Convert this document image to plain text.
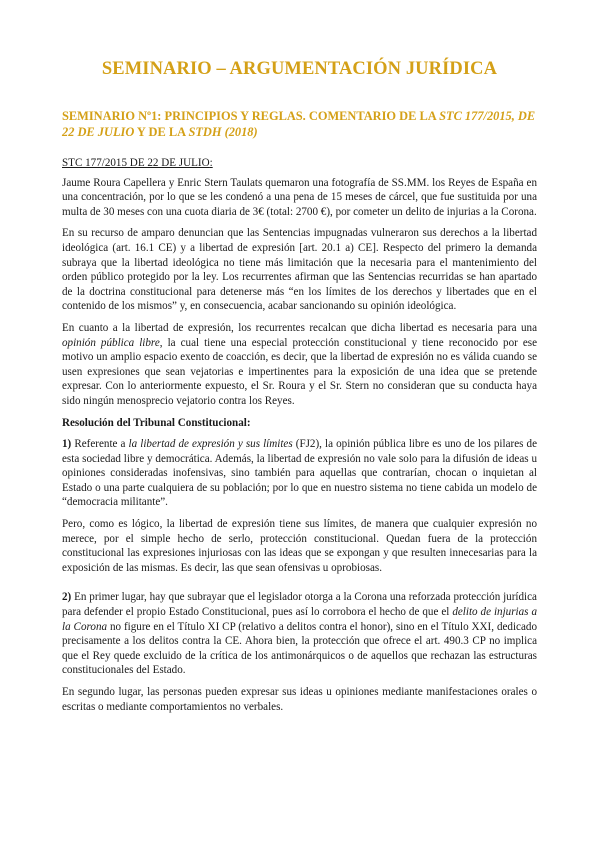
SEMINARIO – ARGUMENTACIÓN JURÍDICA
SEMINARIO Nº1: PRINCIPIOS Y REGLAS. COMENTARIO DE LA STC 177/2015, DE 22 DE JULIO Y DE LA STDH (2018)
STC 177/2015 DE 22 DE JULIO:

Jaume Roura Capellera y Enric Stern Taulats quemaron una fotografía de SS.MM. los Reyes de España en una concentración, por lo que se les condenó a una pena de 15 meses de cárcel, que fue sustituida por una multa de 30 meses con una cuota diaria de 3€ (total: 2700 €), por cometer un delito de injurias a la Corona.

En su recurso de amparo denuncian que las Sentencias impugnadas vulneraron sus derechos a la libertad ideológica (art. 16.1 CE) y a libertad de expresión [art. 20.1 a) CE]. Respecto del primero la demanda subraya que la libertad ideológica no tiene más limitación que la necesaria para el mantenimiento del orden público protegido por la ley. Los recurrentes afirman que las Sentencias recurridas se han apartado de la doctrina constitucional para detenerse más “en los límites de los derechos y libertades que en el contenido de los mismos” y, en consecuencia, acabar sancionando su opinión ideológica.

En cuanto a la libertad de expresión, los recurrentes recalcan que dicha libertad es necesaria para una opinión pública libre, la cual tiene una especial protección constitucional y tiene reconocido por ese motivo un amplio espacio exento de coacción, es decir, que la libertad de expresión no es válida cuando se usen expresiones que sean vejatorias e impertinentes para la exposición de una idea que se pretende expresar. Con lo anteriormente expuesto, el Sr. Roura y el Sr. Stern no consideran que su conducta haya sido ningún menosprecio vejatorio contra los Reyes.

Resolución del Tribunal Constitucional:

1) Referente a la libertad de expresión y sus límites (FJ2), la opinión pública libre es uno de los pilares de esta sociedad libre y democrática. Además, la libertad de expresión no vale solo para la difusión de ideas u opiniones consideradas inofensivas, sino también para aquellas que contrarían, chocan o inquietan al Estado o una parte cualquiera de su población; por lo que en nuestro sistema no tiene cabida un modelo de “democracia militante”.

Pero, como es lógico, la libertad de expresión tiene sus límites, de manera que cualquier expresión no merece, por el simple hecho de serlo, protección constitucional. Quedan fuera de la protección constitucional las expresiones injuriosas con las ideas que se expongan y que resulten innecesarias para la exposición de las mismas. Es decir, las que sean ofensivas u oprobiosas.

2) En primer lugar, hay que subrayar que el legislador otorga a la Corona una reforzada protección jurídica para defender el propio Estado Constitucional, pues así lo corrobora el hecho de que el delito de injurias a la Corona no figure en el Título XI CP (relativo a delitos contra el honor), sino en el Título XXI, dedicado precisamente a los delitos contra la CE. Ahora bien, la protección que ofrece el art. 490.3 CP no implica que el Rey quede excluido de la crítica de los antimonárquicos o de aquellos que rechazan las estructuras constitucionales del Estado.

En segundo lugar, las personas pueden expresar sus ideas u opiniones mediante manifestaciones orales o escritas o mediante comportamientos no verbales.
